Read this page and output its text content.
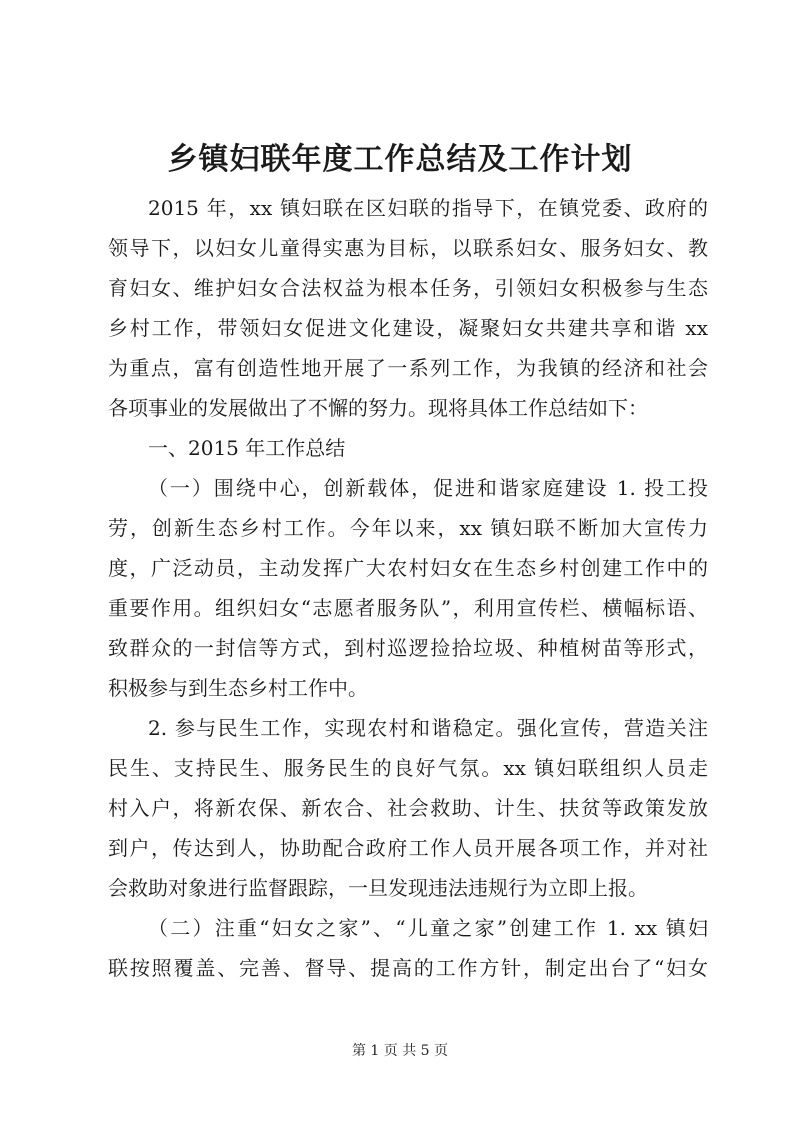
乡镇妇联年度工作总结及工作计划
2015 年，xx 镇妇联在区妇联的指导下，在镇党委、政府的
领导下，以妇女儿童得实惠为目标，以联系妇女、服务妇女、教
育妇女、维护妇女合法权益为根本任务，引领妇女积极参与生态
乡村工作，带领妇女促进文化建设，凝聚妇女共建共享和谐 xx
为重点，富有创造性地开展了一系列工作，为我镇的经济和社会
各项事业的发展做出了不懈的努力。现将具体工作总结如下：
一、2015 年工作总结
（一）围绕中心，创新载体，促进和谐家庭建设 1. 投工投
劳，创新生态乡村工作。今年以来，xx 镇妇联不断加大宣传力
度，广泛动员，主动发挥广大农村妇女在生态乡村创建工作中的
重要作用。组织妇女“志愿者服务队”，利用宣传栏、横幅标语、
致群众的一封信等方式，到村巡逻捡拾垃圾、种植树苗等形式，
积极参与到生态乡村工作中。
2. 参与民生工作，实现农村和谐稳定。强化宣传，营造关注
民生、支持民生、服务民生的良好气氛。xx 镇妇联组织人员走
村入户，将新农保、新农合、社会救助、计生、扶贫等政策发放
到户，传达到人，协助配合政府工作人员开展各项工作，并对社
会救助对象进行监督跟踪，一旦发现违法违规行为立即上报。
（二）注重“妇女之家”、“儿童之家”创建工作 1. xx 镇妇
联按照覆盖、完善、督导、提高的工作方针，制定出台了“妇女
第 1 页 共 5 页
